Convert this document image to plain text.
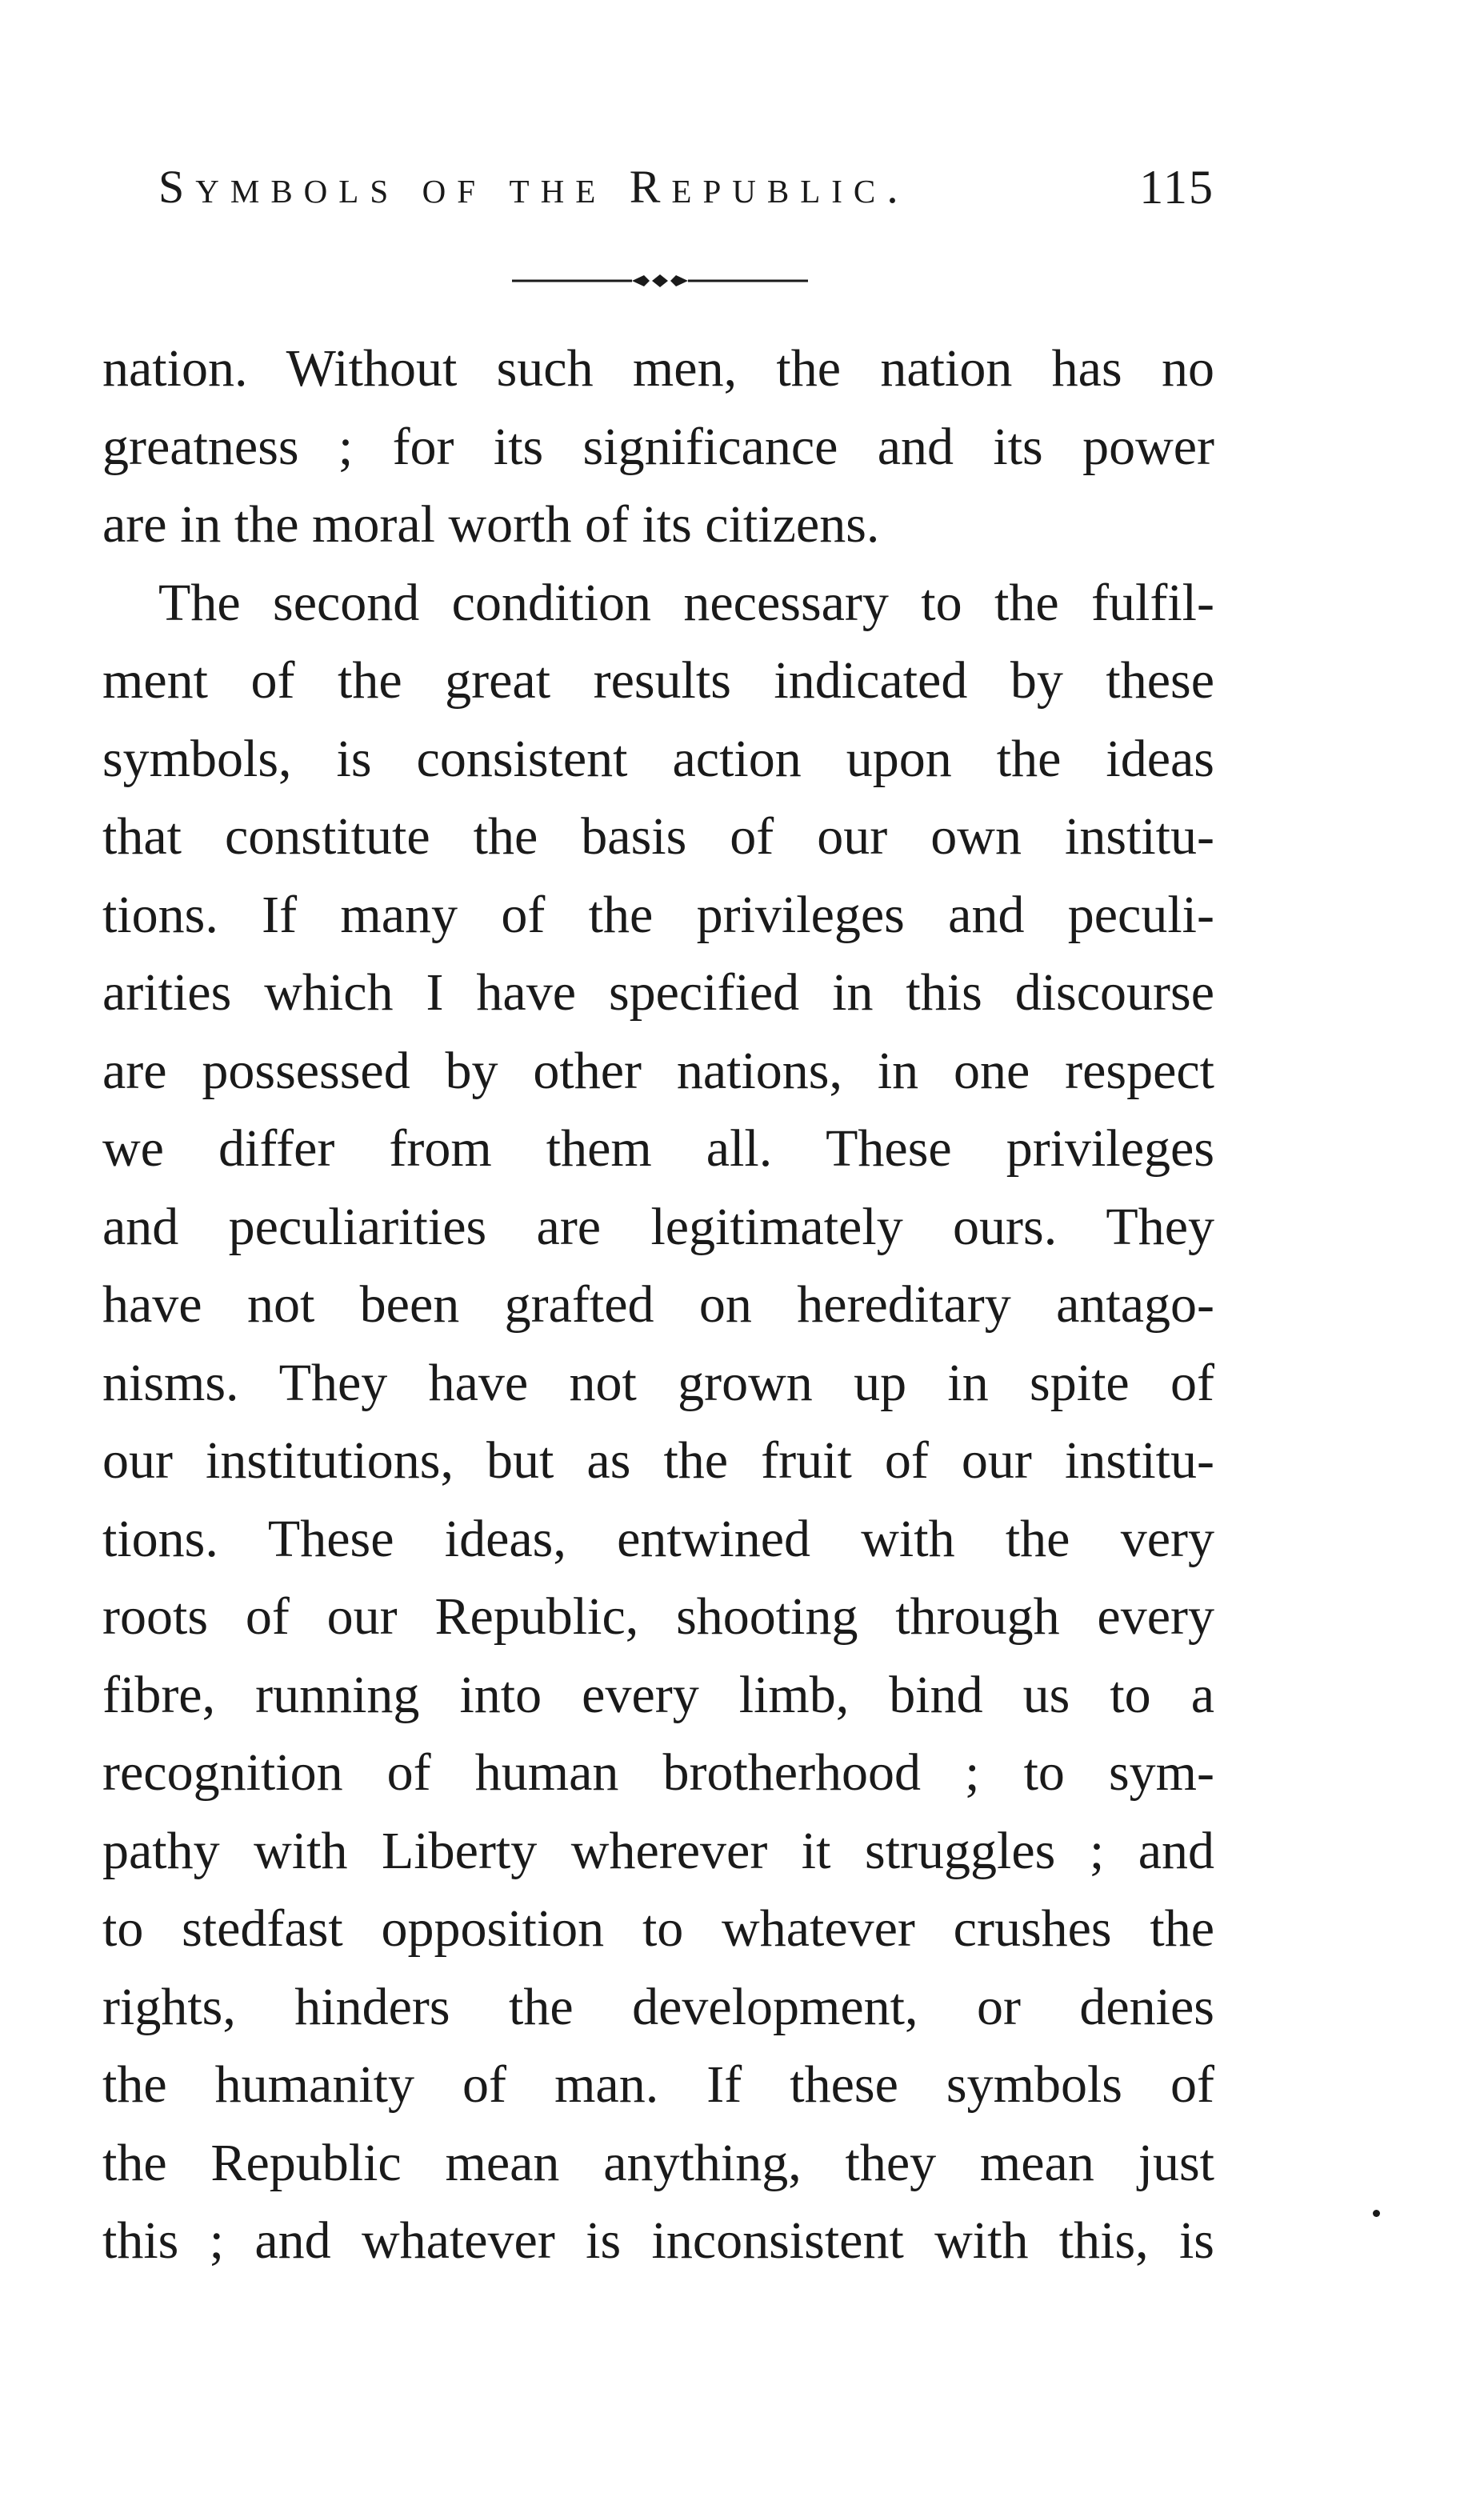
Symbols of the Republic.	115
nation. Without such men, the nation has no
greatness ; for its significance and its power
are in the moral worth of its citizens.
The second condition necessary to the fulfil-
ment of the great results indicated by these
symbols, is consistent action upon the ideas
that constitute the basis of our own institu-
tions. If many of the privileges and peculi-
arities which I have specified in this discourse
are possessed by other nations, in one respect
we differ from them all. These privileges
and peculiarities are legitimately ours. They
have not been grafted on hereditary antago-
nisms. They have not grown up in spite of
our institutions, but as the fruit of our institu-
tions. These ideas, entwined with the very
roots of our Republic, shooting through every
fibre, running into every limb, bind us to a
recognition of human brotherhood ; to sym-
pathy with Liberty wherever it struggles ; and
to stedfast opposition to whatever crushes the
rights, hinders the development, or denies
the humanity of man. If these symbols of
the Republic mean anything, they mean just
this ; and whatever is inconsistent with this, is
